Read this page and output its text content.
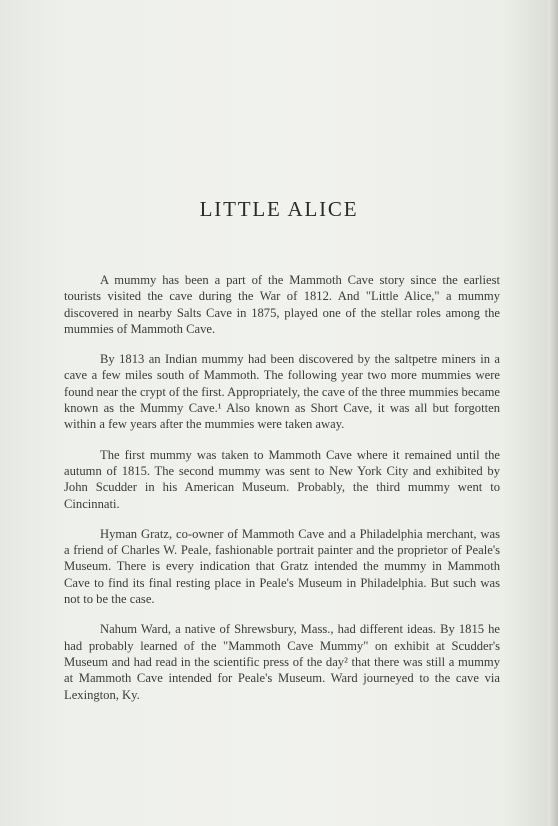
LITTLE ALICE

A mummy has been a part of the Mammoth Cave story since the earliest tourists visited the cave during the War of 1812. And "Little Alice," a mummy discovered in nearby Salts Cave in 1875, played one of the stellar roles among the mummies of Mammoth Cave.

By 1813 an Indian mummy had been discovered by the saltpetre miners in a cave a few miles south of Mammoth. The following year two more mummies were found near the crypt of the first. Appropriately, the cave of the three mummies became known as the Mummy Cave.¹ Also known as Short Cave, it was all but forgotten within a few years after the mummies were taken away.

The first mummy was taken to Mammoth Cave where it remained until the autumn of 1815. The second mummy was sent to New York City and exhibited by John Scudder in his American Museum. Probably, the third mummy went to Cincinnati.

Hyman Gratz, co-owner of Mammoth Cave and a Philadelphia merchant, was a friend of Charles W. Peale, fashionable portrait painter and the proprietor of Peale's Museum. There is every indication that Gratz intended the mummy in Mammoth Cave to find its final resting place in Peale's Museum in Philadelphia. But such was not to be the case.

Nahum Ward, a native of Shrewsbury, Mass., had different ideas. By 1815 he had probably learned of the "Mammoth Cave Mummy" on exhibit at Scudder's Museum and had read in the scientific press of the day² that there was still a mummy at Mammoth Cave intended for Peale's Museum. Ward journeyed to the cave via Lexington, Ky.
